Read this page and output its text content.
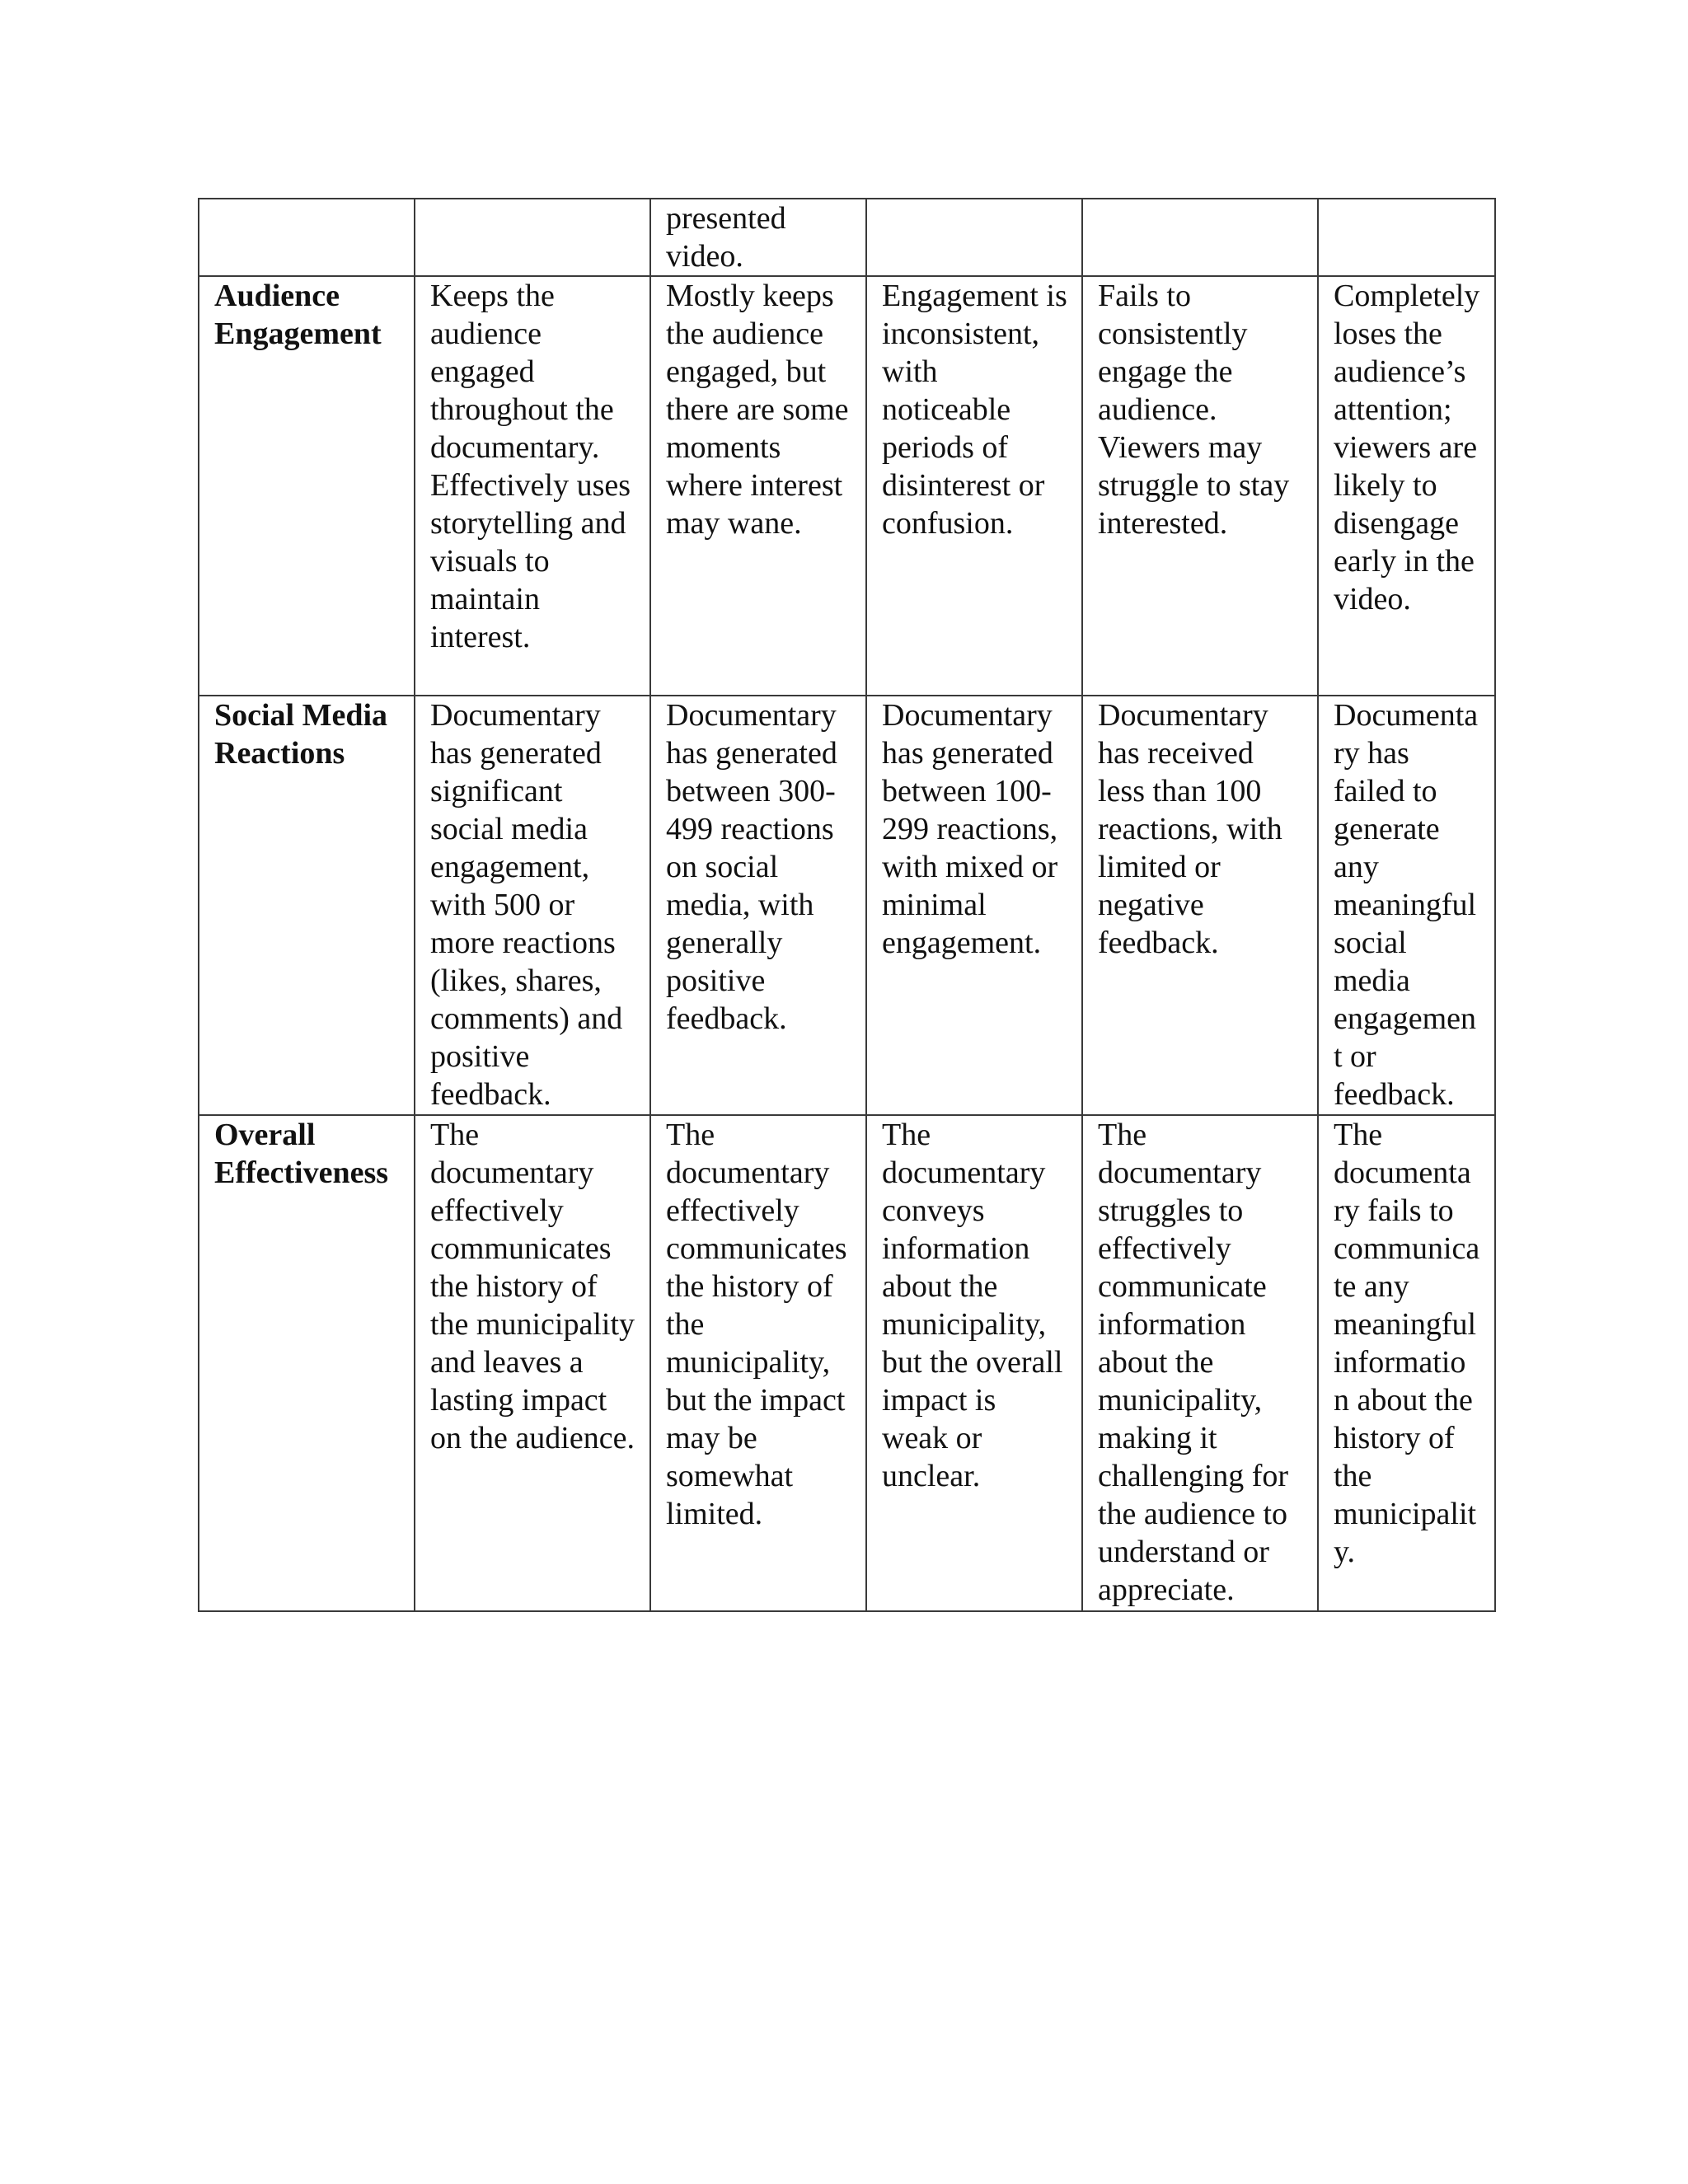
		presented video.			

Audience Engagement	Keeps the audience engaged throughout the documentary. Effectively uses storytelling and visuals to maintain interest.	Mostly keeps the audience engaged, but there are some moments where interest may wane.	Engagement is inconsistent, with noticeable periods of disinterest or confusion.	Fails to consistently engage the audience. Viewers may struggle to stay interested.	Completely loses the audience’s attention; viewers are likely to disengage early in the video.

Social Media Reactions	Documentary has generated significant social media engagement, with 500 or more reactions (likes, shares, comments) and positive feedback.	Documentary has generated between 300-499 reactions on social media, with generally positive feedback.	Documentary has generated between 100-299 reactions, with mixed or minimal engagement.	Documentary has received less than 100 reactions, with limited or negative feedback.	Documentary has failed to generate any meaningful social media engagement or feedback.

Overall Effectiveness	The documentary effectively communicates the history of the municipality and leaves a lasting impact on the audience.	The documentary effectively communicates the history of the municipality, but the impact may be somewhat limited.	The documentary conveys information about the municipality, but the overall impact is weak or unclear.	The documentary struggles to effectively communicate information about the municipality, making it challenging for the audience to understand or appreciate.	The documentary fails to communicate any meaningful information about the history of the municipality.
